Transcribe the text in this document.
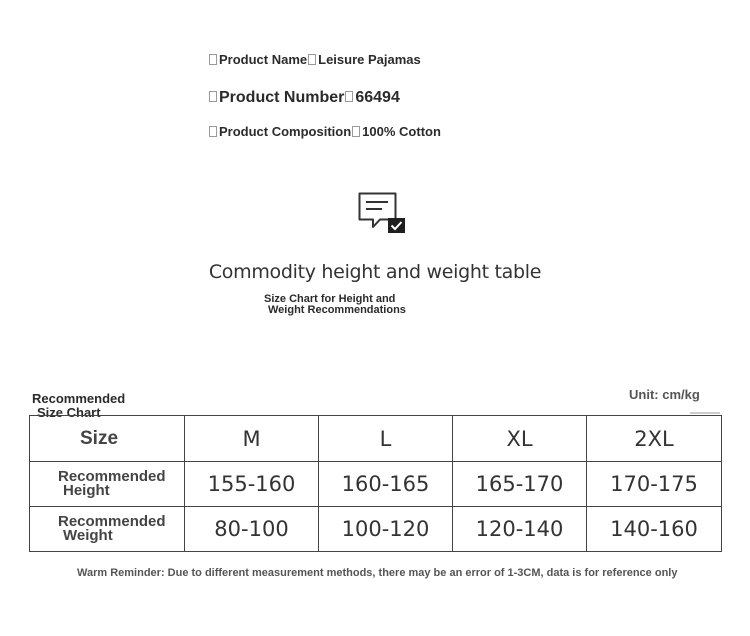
Product Name Leisure Pajamas
Product Number 66494
Product Composition 100% Cotton
Commodity height and weight table
Size Chart for Height and
Weight Recommendations
Recommended
Size Chart
Unit: cm/kg
Size	M	L	XL	2XL

Recommended
Height	155-160	160-165	165-170	170-175

Recommended
Weight	80-100	100-120	120-140	140-160
Warm Reminder: Due to different measurement methods, there may be an error of 1-3CM, data is for reference only
